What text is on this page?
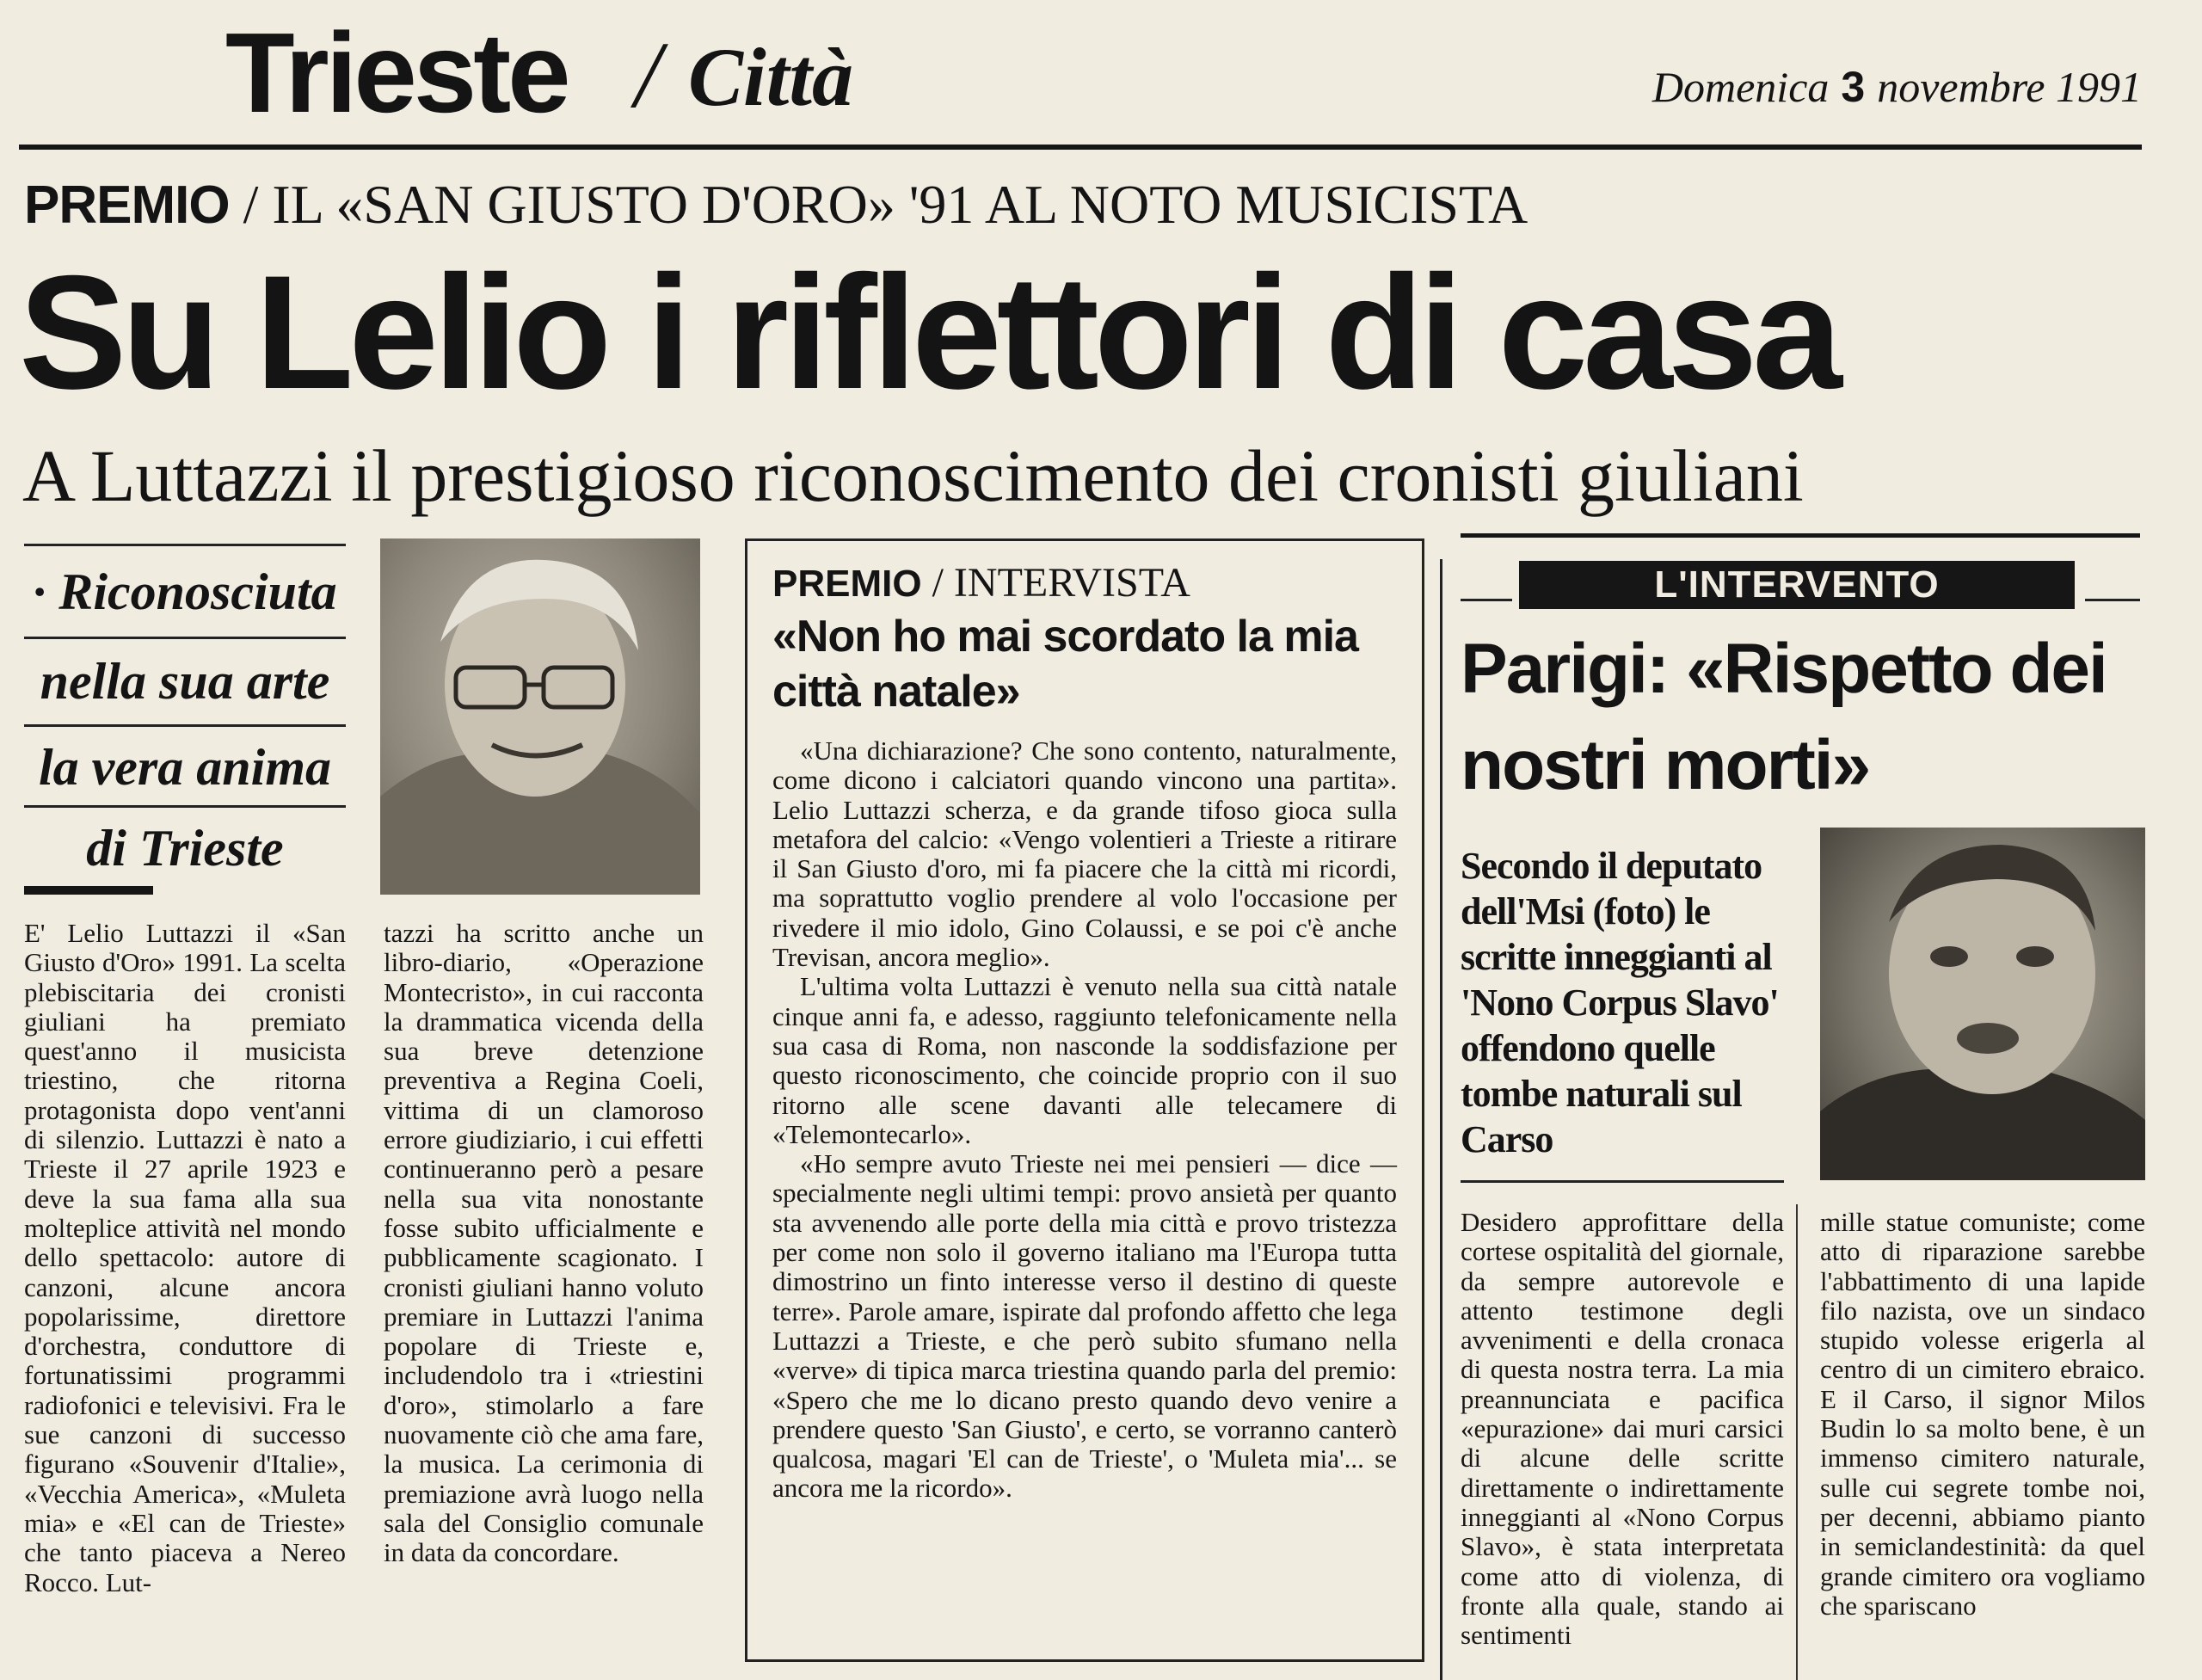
Trieste / Città	Domenica 3 novembre 1991
PREMIO / IL «SAN GIUSTO D'ORO» '91 AL NOTO MUSICISTA
Su Lelio i riflettori di casa
A Luttazzi il prestigioso riconoscimento dei cronisti giuliani
· Riconosciuta
nella sua arte
la vera anima
di Trieste

E' Lelio Luttazzi il «San Giusto d'Oro» 1991. La scelta plebiscitaria dei cronisti giuliani ha premiato quest'anno il musicista triestino, che ritorna protagonista dopo vent'anni di silenzio. Luttazzi è nato a Trieste il 27 aprile 1923 e deve la sua fama alla sua molteplice attività nel mondo dello spettacolo: autore di canzoni, alcune ancora popolarissime, direttore d'orchestra, conduttore di fortunatissimi programmi radiofonici e televisivi. Fra le sue canzoni di successo figurano «Souvenir d'Italie», «Vecchia America», «Muleta mia» e «El can de Trieste» che tanto piaceva a Nereo Rocco. Lut-

tazzi ha scritto anche un libro-diario, «Operazione Montecristo», in cui racconta la drammatica vicenda della sua breve detenzione preventiva a Regina Coeli, vittima di un clamoroso errore giudiziario, i cui effetti continueranno però a pesare nella sua vita nonostante fosse subito ufficialmente e pubblicamente scagionato. I cronisti giuliani hanno voluto premiare in Luttazzi l'anima popolare di Trieste e, includendolo tra i «triestini d'oro», stimolarlo a fare nuovamente ciò che ama fare, la musica. La cerimonia di premiazione avrà luogo nella sala del Consiglio comunale in data da concordare.

PREMIO / INTERVISTA
«Non ho mai scordato la mia città natale»

«Una dichiarazione? Che sono contento, naturalmente, come dicono i calciatori quando vincono una partita». Lelio Luttazzi scherza, e da grande tifoso gioca sulla metafora del calcio: «Vengo volentieri a Trieste a ritirare il San Giusto d'oro, mi fa piacere che la città mi ricordi, ma soprattutto voglio prendere al volo l'occasione per rivedere il mio idolo, Gino Colaussi, e se poi c'è anche Trevisan, ancora meglio».

L'ultima volta Luttazzi è venuto nella sua città natale cinque anni fa, e adesso, raggiunto telefonicamente nella sua casa di Roma, non nasconde la soddisfazione per questo riconoscimento, che coincide proprio con il suo ritorno alle scene davanti alle telecamere di «Telemontecarlo».

«Ho sempre avuto Trieste nei mei pensieri — dice — specialmente negli ultimi tempi: provo ansietà per quanto sta avvenendo alle porte della mia città e provo tristezza per come non solo il governo italiano ma l'Europa tutta dimostrino un finto interesse verso il destino di queste terre». Parole amare, ispirate dal profondo affetto che lega Luttazzi a Trieste, e che però subito sfumano nella «verve» di tipica marca triestina quando parla del premio: «Spero che me lo dicano presto quando devo venire a prendere questo 'San Giusto', e certo, se vorranno canterò qualcosa, magari 'El can de Trieste', o 'Muleta mia'... se ancora me la ricordo».

L'INTERVENTO
Parigi: «Rispetto dei nostri morti»
Secondo il deputato dell'Msi (foto) le scritte inneggianti al 'Nono Corpus Slavo' offendono quelle tombe naturali sul Carso

Desidero approfittare della cortese ospitalità del giornale, da sempre autorevole e attento testimone degli avvenimenti e della cronaca di questa nostra terra. La mia preannunciata e pacifica «epurazione» dai muri carsici di alcune delle scritte direttamente o indirettamente inneggianti al «Nono Corpus Slavo», è stata interpretata come atto di violenza, di fronte alla quale, stando ai sentimenti

mille statue comuniste; come atto di riparazione sarebbe l'abbattimento di una lapide filo nazista, ove un sindaco stupido volesse erigerla al centro di un cimitero ebraico. E il Carso, il signor Milos Budin lo sa molto bene, è un immenso cimitero naturale, sulle cui segrete tombe noi, per decenni, abbiamo pianto in semiclandestinità: da quel grande cimitero ora vogliamo che spariscano
